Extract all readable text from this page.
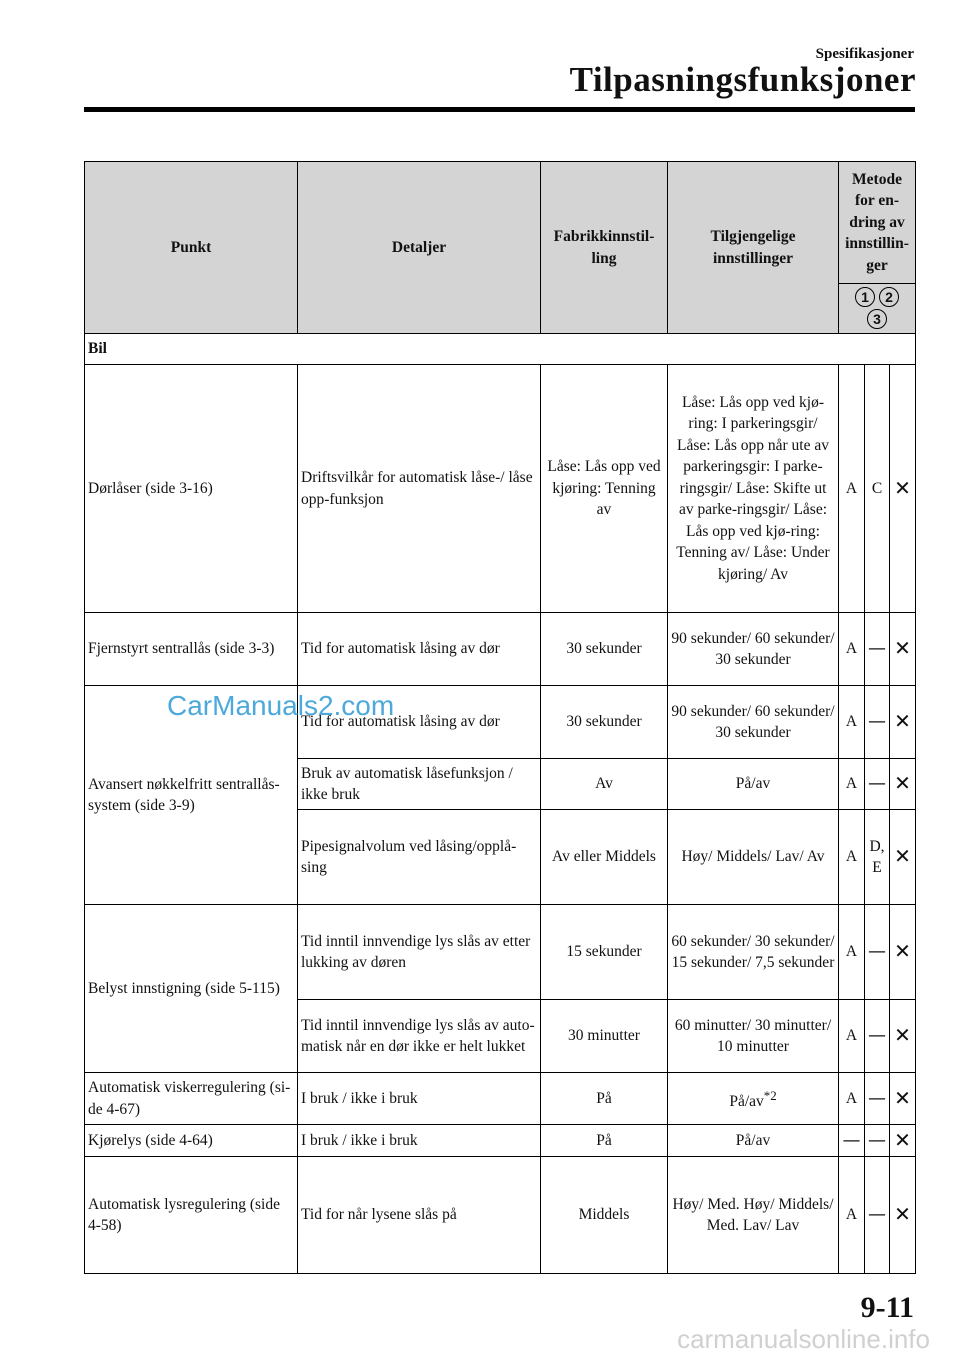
Spesifikasjoner
Tilpasningsfunksjoner
Punkt	Detaljer	Fabrikkinnstil-ling	Tilgjengelige innstillinger	Metode for en-dring av innstillin-ger		
				1 23		
Bil						
Dørlåser (side 3-16)	Driftsvilkår for automatisk låse-/ låse opp-funksjon	Låse: Lås opp ved kjøring: Tenning av	Låse: Lås opp ved kjø-ring: I parkeringsgir/ Låse: Lås opp når ute av parkeringsgir: I parke-ringsgir/ Låse: Skifte ut av parke-ringsgir/ Låse: Lås opp ved kjø-ring: Tenning av/ Låse: Under kjøring/ Av	A	C	✕
Fjernstyrt sentrallås (side 3-3)	Tid for automatisk låsing av dør	30 sekunder	90 sekunder/ 60 sekunder/ 30 sekunder	A	—	✕
Avansert nøkkelfritt sentrallås-system (side 3-9)	Tid for automatisk låsing av dør	30 sekunder	90 sekunder/ 60 sekunder/ 30 sekunder	A	—	✕
	Bruk av automatisk låsefunksjon / ikke bruk	Av	På/av	A	—	✕
	Pipesignalvolum ved låsing/opplå-sing	Av eller Middels	Høy/ Middels/ Lav/ Av	A	D, E	✕
Belyst innstigning (side 5-115)	Tid inntil innvendige lys slås av etter lukking av døren	15 sekunder	60 sekunder/ 30 sekunder/ 15 sekunder/ 7,5 sekunder	A	—	✕
	Tid inntil innvendige lys slås av auto-matisk når en dør ikke er helt lukket	30 minutter	60 minutter/ 30 minutter/ 10 minutter	A	—	✕
Automatisk viskerregulering (si-de 4-67)	I bruk / ikke i bruk	På	$På/av^{*2}$	A	—	✕
Kjørelys (side 4-64)	I bruk / ikke i bruk	På	På/av	—	—	✕
Automatisk lysregulering (side 4-58)	Tid for når lysene slås på	Middels	Høy/ Med. Høy/ Middels/ Med. Lav/ Lav	A	—	✕
CarManuals2.com
9-11
carmanualsonline.info
